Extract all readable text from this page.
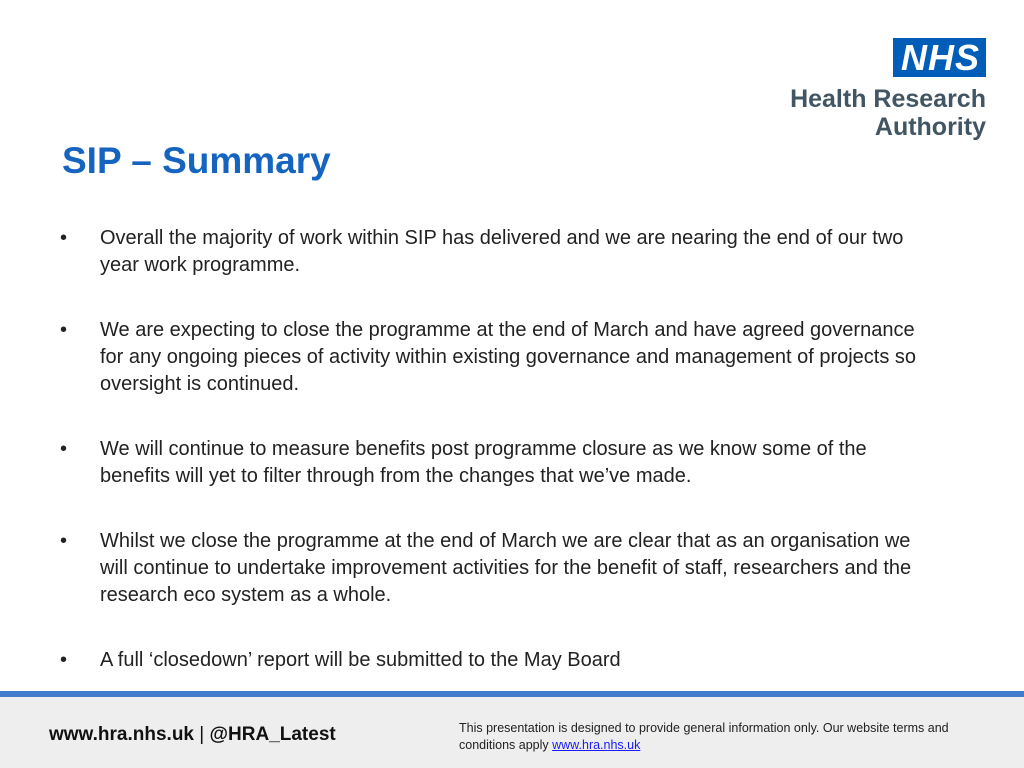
NHS
Health Research
Authority
SIP – Summary
• Overall the majority of work within SIP has delivered and we are nearing the end of our two year work programme.
• We are expecting to close the programme at the end of March and have agreed governance for any ongoing pieces of activity within existing governance and management of projects so oversight is continued.
• We will continue to measure benefits post programme closure as we know some of the benefits will yet to filter through from the changes that we’ve made.
• Whilst we close the programme at the end of March we are clear that as an organisation we will continue to undertake improvement activities for the benefit of staff, researchers and the research eco system as a whole.
• A full ‘closedown’ report will be submitted to the May Board
www.hra.nhs.uk | @HRA_Latest	This presentation is designed to provide general information only. Our website terms and conditions apply www.hra.nhs.uk
